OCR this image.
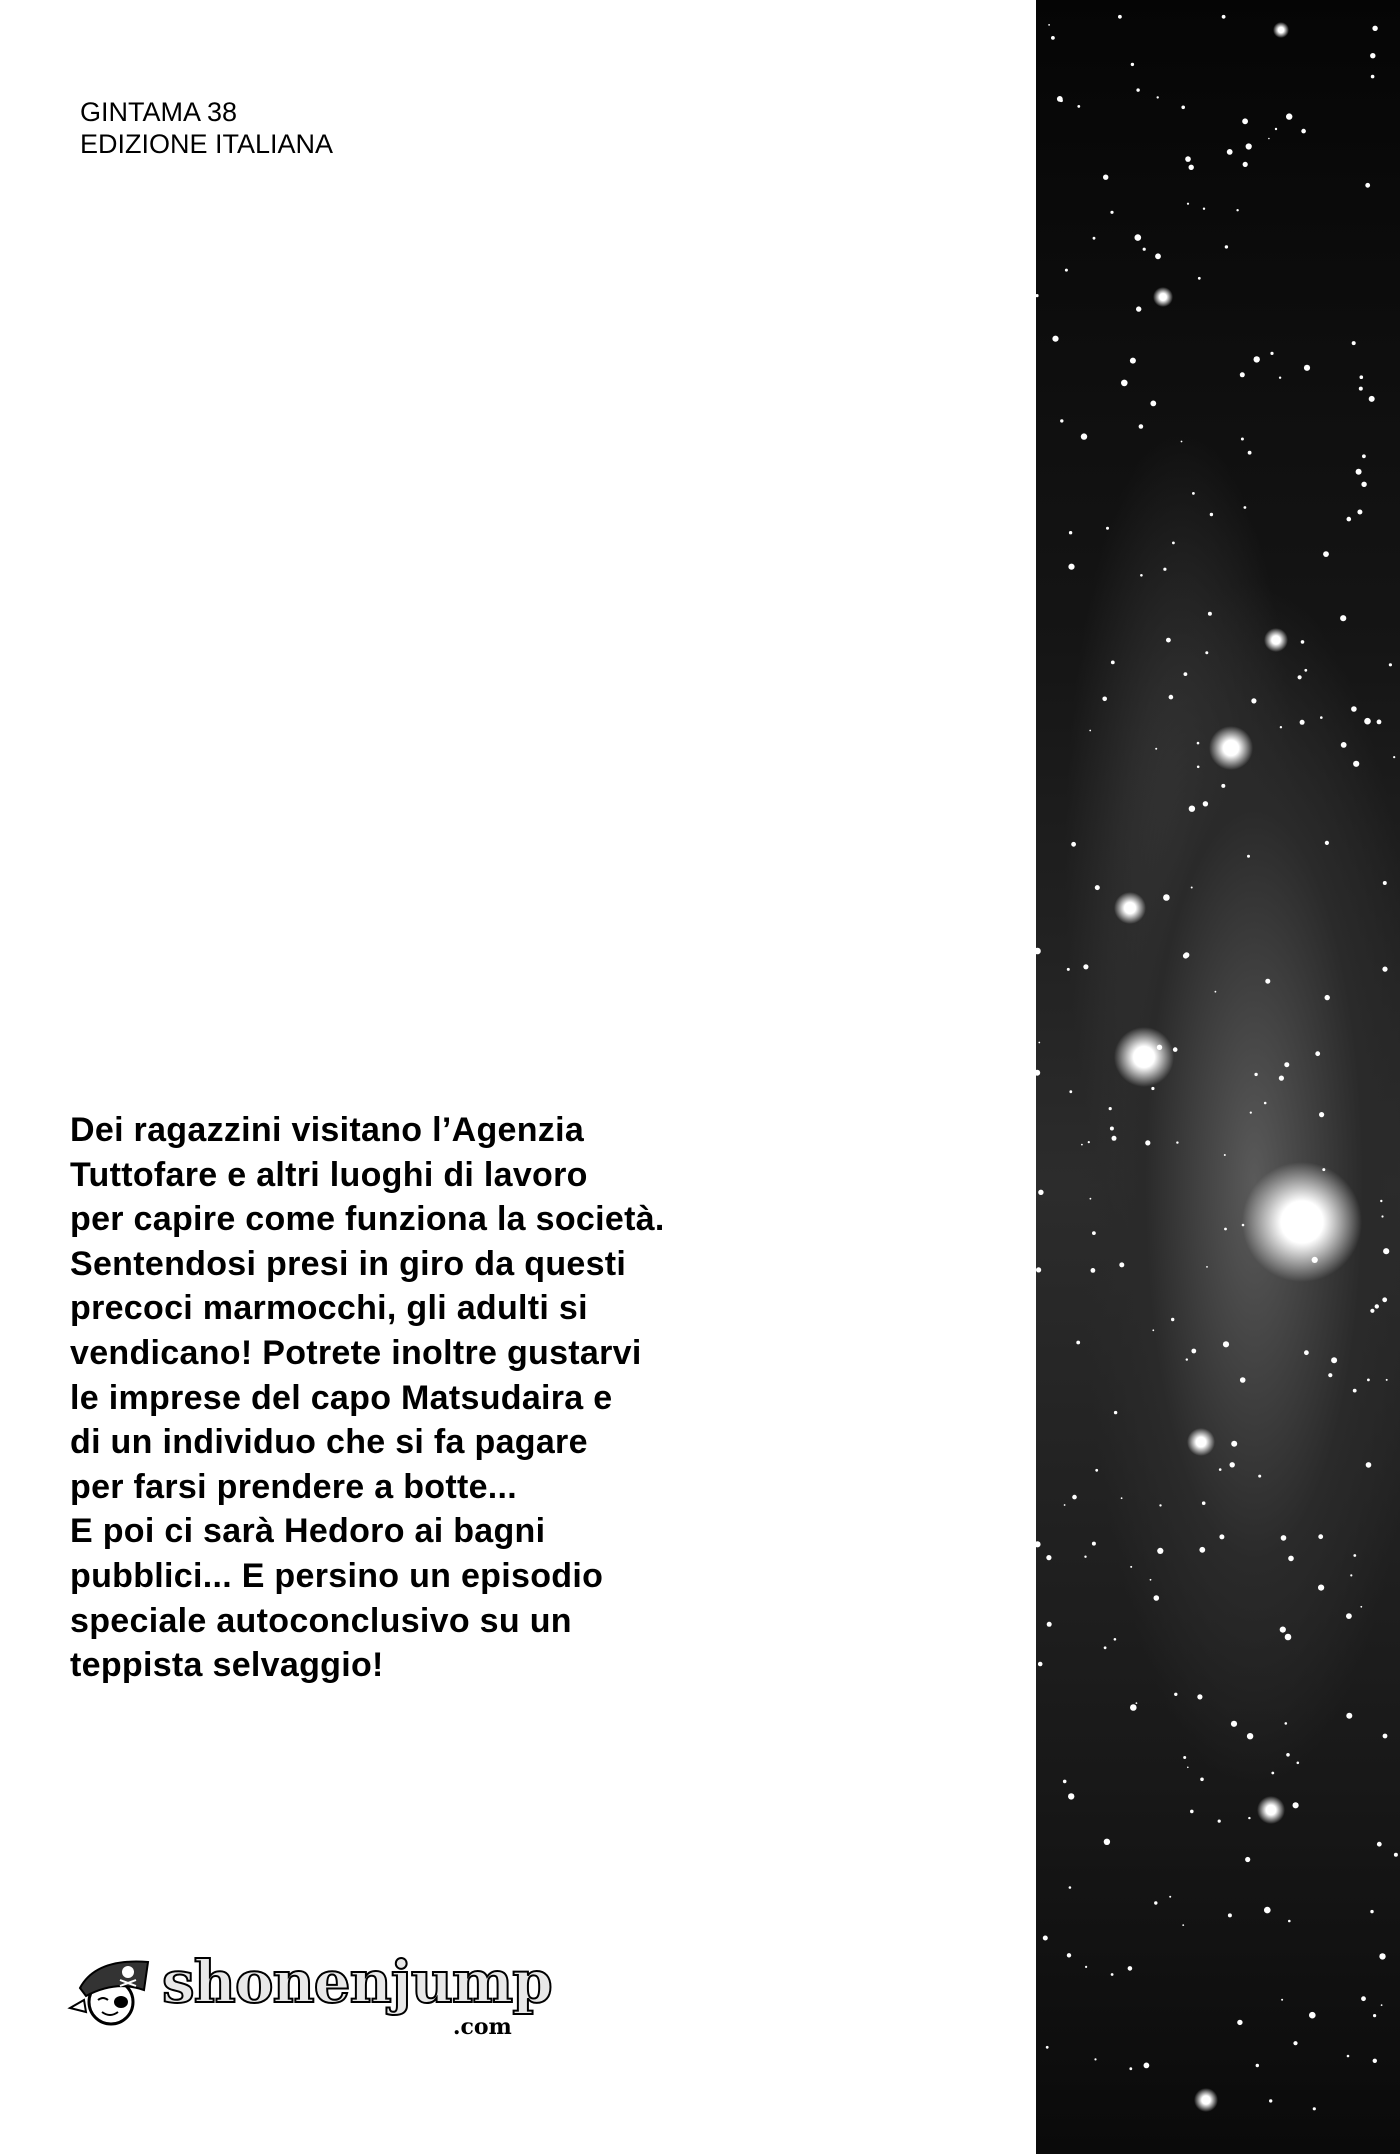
GINTAMA 38
EDIZIONE ITALIANA
Dei ragazzini visitano l’Agenzia
Tuttofare e altri luoghi di lavoro
per capire come funziona la società.
Sentendosi presi in giro da questi
precoci marmocchi, gli adulti si
vendicano! Potrete inoltre gustarvi
le imprese del capo Matsudaira e
di un individuo che si fa pagare
per farsi prendere a botte...
E poi ci sarà Hedoro ai bagni
pubblici... E persino un episodio
speciale autoconclusivo su un
teppista selvaggio!
shonenjump
.com
